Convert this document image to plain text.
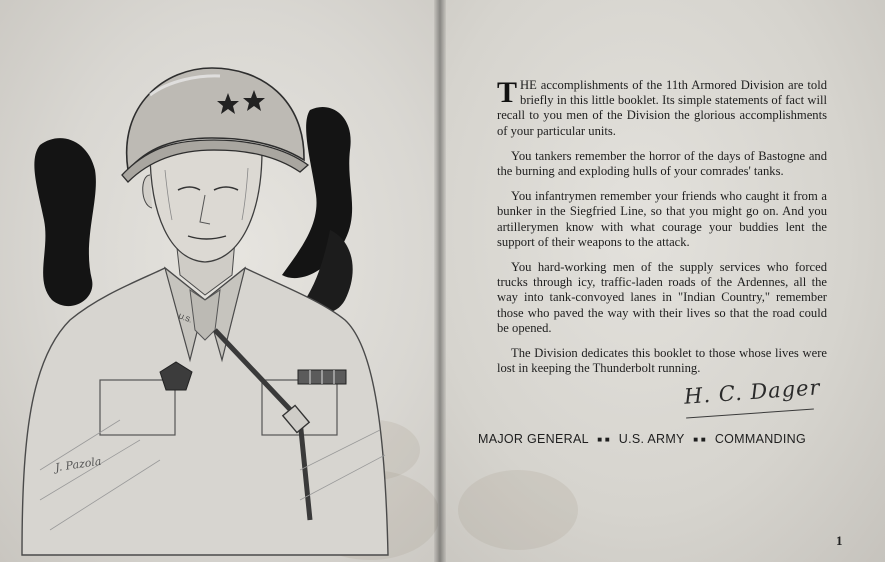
U.S.
J. Pazola

THE accomplishments of the 11th Armored Division are told briefly in this little booklet. Its simple statements of fact will recall to you men of the Division the glorious accomplishments of your particular units.

You tankers remember the horror of the days of Bastogne and the burning and exploding hulls of your comrades' tanks.

You infantrymen remember your friends who caught it from a bunker in the Siegfried Line, so that you might go on. And you artillerymen know with what courage your buddies lent the support of their weapons to the attack.

You hard-working men of the supply services who forced trucks through icy, traffic-laden roads of the Ardennes, all the way into tank-convoyed lanes in "Indian Country," remember those who paved the way with their lives so that the road could be opened.

The Division dedicates this booklet to those whose lives were lost in keeping the Thunderbolt running.

H. C. Dager
MAJOR GENERAL ■ ■ U.S. ARMY ■ ■ COMMANDING
1
